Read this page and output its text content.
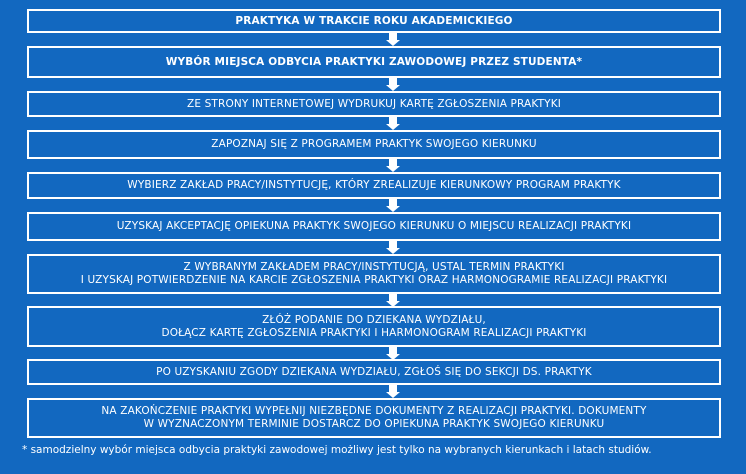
PRAKTYKA W TRAKCIE ROKU AKADEMICKIEGO
WYBÓR MIEJSCA ODBYCIA PRAKTYKI ZAWODOWEJ PRZEZ STUDENTA*
ZE STRONY INTERNETOWEJ WYDRUKUJ KARTĘ ZGŁOSZENIA PRAKTYKI
ZAPOZNAJ SIĘ Z PROGRAMEM PRAKTYK SWOJEGO KIERUNKU
WYBIERZ ZAKŁAD PRACY/INSTYTUCJĘ, KTÓRY ZREALIZUJE KIERUNKOWY PROGRAM PRAKTYK
UZYSKAJ AKCEPTACJĘ OPIEKUNA PRAKTYK SWOJEGO KIERUNKU O MIEJSCU REALIZACJI PRAKTYKI
Z WYBRANYM ZAKŁADEM PRACY/INSTYTUCJĄ, USTAL TERMIN PRAKTYKI
I UZYSKAJ POTWIERDZENIE NA KARCIE ZGŁOSZENIA PRAKTYKI ORAZ HARMONOGRAMIE REALIZACJI PRAKTYKI
ZŁÓŻ PODANIE DO DZIEKANA WYDZIAŁU,
DOŁĄCZ KARTĘ ZGŁOSZENIA PRAKTYKI I HARMONOGRAM REALIZACJI PRAKTYKI
PO UZYSKANIU ZGODY DZIEKANA WYDZIAŁU, ZGŁOŚ SIĘ DO SEKCJI DS. PRAKTYK
NA ZAKOŃCZENIE PRAKTYKI WYPEŁNIJ NIEZBĘDNE DOKUMENTY Z REALIZACJI PRAKTYKI. DOKUMENTY
W WYZNACZONYM TERMINIE DOSTARCZ DO OPIEKUNA PRAKTYK SWOJEGO KIERUNKU
* samodzielny wybór miejsca odbycia praktyki zawodowej możliwy jest tylko na wybranych kierunkach i latach studiów.
